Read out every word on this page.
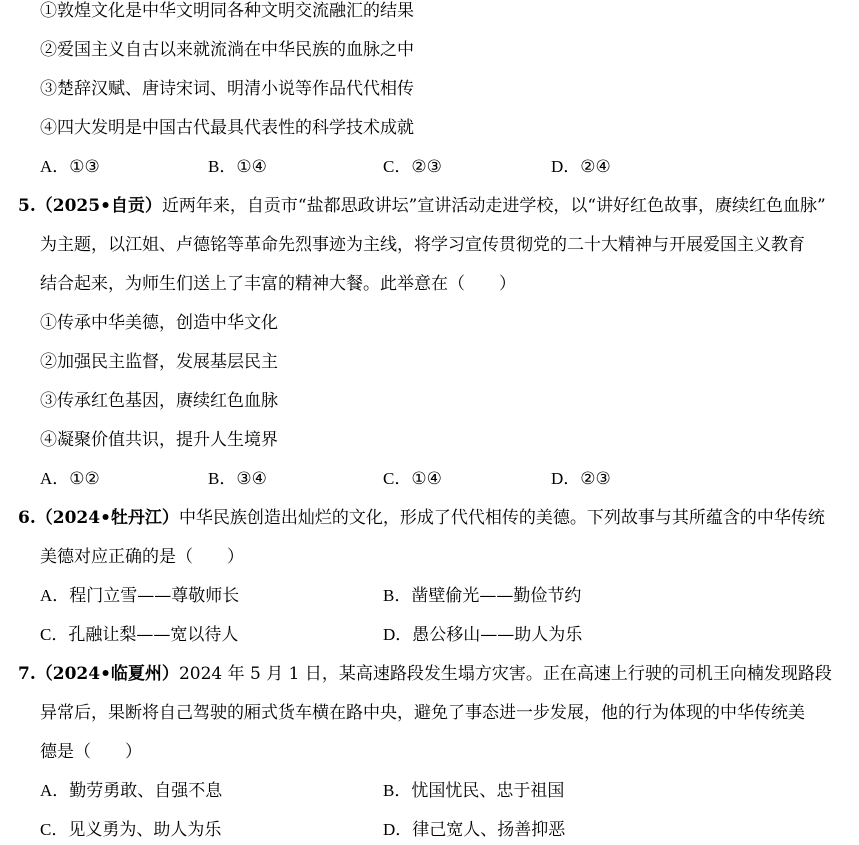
①敦煌文化是中华文明同各种文明交流融汇的结果
②爱国主义自古以来就流淌在中华民族的血脉之中
③楚辞汉赋、唐诗宋词、明清小说等作品代代相传
④四大发明是中国古代最具代表性的科学技术成就
A．①③	B．①④	C．②③	D．②④
5.（2025•自贡）近两年来，自贡市“盐都思政讲坛”宣讲活动走进学校，以“讲好红色故事，赓续红色血脉”
为主题，以江姐、卢德铭等革命先烈事迹为主线，将学习宣传贯彻党的二十大精神与开展爱国主义教育
结合起来，为师生们送上了丰富的精神大餐。此举意在（　　）
①传承中华美德，创造中华文化
②加强民主监督，发展基层民主
③传承红色基因，赓续红色血脉
④凝聚价值共识，提升人生境界
A．①②	B．③④	C．①④	D．②③
6.（2024•牡丹江）中华民族创造出灿烂的文化，形成了代代相传的美德。下列故事与其所蕴含的中华传统
美德对应正确的是（　　）
A．程门立雪——尊敬师长	B．凿壁偷光——勤俭节约
C．孔融让梨——宽以待人	D．愚公移山——助人为乐
7.（2024•临夏州）2024 年 5 月 1 日，某高速路段发生塌方灾害。正在高速上行驶的司机王向楠发现路段
异常后，果断将自己驾驶的厢式货车横在路中央，避免了事态进一步发展，他的行为体现的中华传统美
德是（　　）
A．勤劳勇敢、自强不息	B．忧国忧民、忠于祖国
C．见义勇为、助人为乐	D．律己宽人、扬善抑恶
